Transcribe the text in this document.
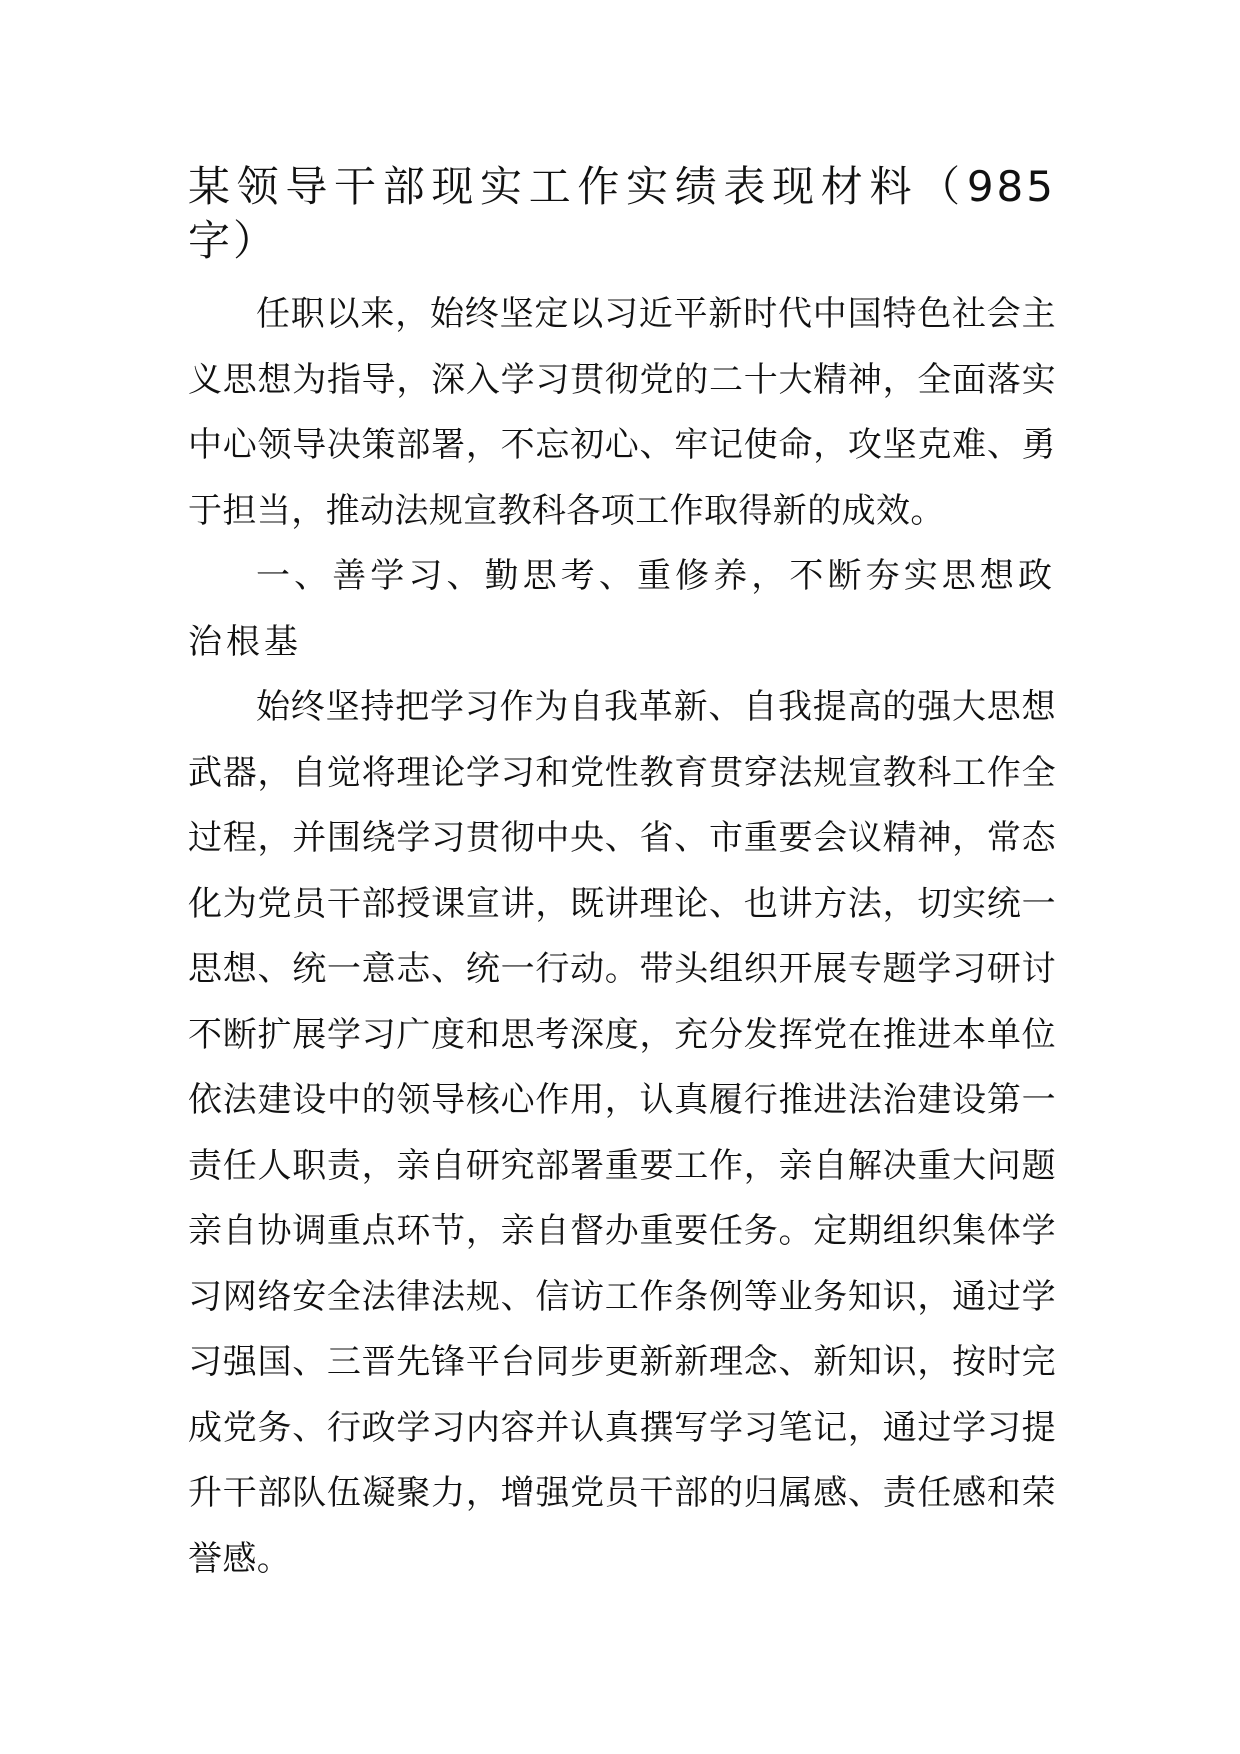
某领导干部现实工作实绩表现材料（985字）

任职以来，始终坚定以习近平新时代中国特色社会主义思想为指导，深入学习贯彻党的二十大精神，全面落实中心领导决策部署，不忘初心、牢记使命，攻坚克难、勇于担当，推动法规宣教科各项工作取得新的成效。

一、善学习、勤思考、重修养，不断夯实思想政治根基

始终坚持把学习作为自我革新、自我提高的强大思想武器，自觉将理论学习和党性教育贯穿法规宣教科工作全过程，并围绕学习贯彻中央、省、市重要会议精神，常态化为党员干部授课宣讲，既讲理论、也讲方法，切实统一思想、统一意志、统一行动。带头组织开展专题学习研讨不断扩展学习广度和思考深度，充分发挥党在推进本单位依法建设中的领导核心作用，认真履行推进法治建设第一责任人职责，亲自研究部署重要工作，亲自解决重大问题亲自协调重点环节，亲自督办重要任务。定期组织集体学习网络安全法律法规、信访工作条例等业务知识，通过学习强国、三晋先锋平台同步更新新理念、新知识，按时完成党务、行政学习内容并认真撰写学习笔记，通过学习提升干部队伍凝聚力，增强党员干部的归属感、责任感和荣誉感。
